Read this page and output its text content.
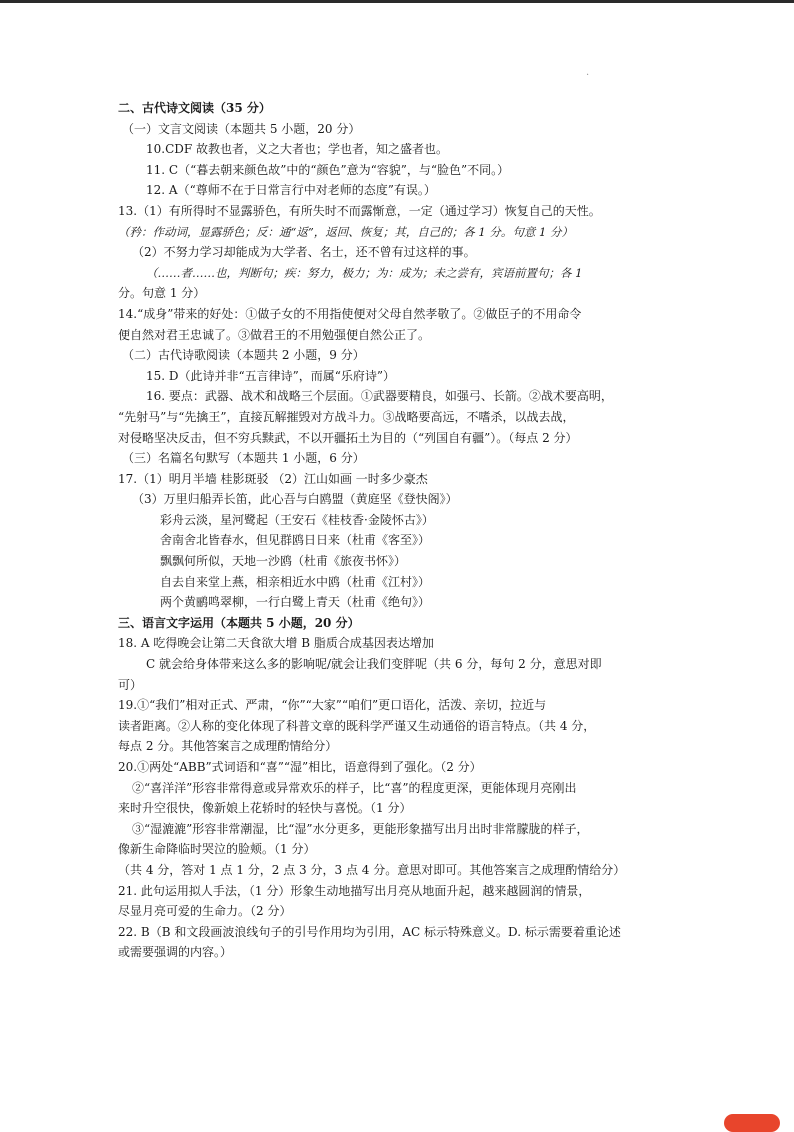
·
二、古代诗文阅读（35 分）
（一）文言文阅读（本题共 5 小题，20 分）
10.CDF 故教也者，义之大者也；学也者，知之盛者也。
11. C（“暮去朝来颜色故”中的“颜色”意为“容貌”，与“脸色”不同。）
12. A（“尊师不在于日常言行中对老师的态度”有误。）
13.（1）有所得时不显露骄色，有所失时不而露惭意，一定（通过学习）恢复自己的天性。
（矜：作动词，显露骄色；反：通“返”，返回、恢复；其，自己的；各 1 分。句意 1 分）
（2）不努力学习却能成为大学者、名士，还不曾有过这样的事。
（……者……也，判断句；疾：努力，极力；为：成为；未之尝有，宾语前置句；各 1
分。句意 1 分）
14.“成身”带来的好处：①做子女的不用指使便对父母自然孝敬了。②做臣子的不用命令
便自然对君王忠诚了。③做君王的不用勉强便自然公正了。
（二）古代诗歌阅读（本题共 2 小题，9 分）
15. D（此诗并非“五言律诗”，而属“乐府诗”）
16. 要点：武器、战术和战略三个层面。①武器要精良，如强弓、长箭。②战术要高明，
“先射马”与“先擒王”，直接瓦解摧毁对方战斗力。③战略要高远，不嗜杀，以战去战，
对侵略坚决反击，但不穷兵黩武，不以开疆拓土为目的（“列国自有疆”）。（每点 2 分）
（三）名篇名句默写（本题共 1 小题，6 分）
17.（1）明月半墙 桂影斑驳 （2）江山如画 一时多少豪杰
（3）万里归船弄长笛，此心吾与白鸥盟（黄庭坚《登快阁》）
彩舟云淡，星河鹭起（王安石《桂枝香·金陵怀古》）
舍南舍北皆春水，但见群鸥日日来（杜甫《客至》）
飘飘何所似，天地一沙鸥（杜甫《旅夜书怀》）
自去自来堂上燕，相亲相近水中鸥（杜甫《江村》）
两个黄鹂鸣翠柳，一行白鹭上青天（杜甫《绝句》）
三、语言文字运用（本题共 5 小题，20 分）
18. A 吃得晚会让第二天食欲大增 B 脂质合成基因表达增加
C 就会给身体带来这么多的影响呢/就会让我们变胖呢（共 6 分，每句 2 分，意思对即
可）
19.①“我们”相对正式、严肃，“你”“大家”“咱们”更口语化，活泼、亲切，拉近与
读者距离。②人称的变化体现了科普文章的既科学严谨又生动通俗的语言特点。（共 4 分，
每点 2 分。其他答案言之成理酌情给分）
20.①两处“ABB”式词语和“喜”“湿”相比，语意得到了强化。（2 分）
②“喜洋洋”形容非常得意或异常欢乐的样子，比“喜”的程度更深，更能体现月亮刚出
来时升空很快，像新娘上花轿时的轻快与喜悦。（1 分）
③“湿漉漉”形容非常潮湿，比“湿”水分更多，更能形象描写出月出时非常朦胧的样子，
像新生命降临时哭泣的脸颊。（1 分）
（共 4 分，答对 1 点 1 分，2 点 3 分，3 点 4 分。意思对即可。其他答案言之成理酌情给分）
21. 此句运用拟人手法，（1 分）形象生动地描写出月亮从地面升起，越来越圆润的情景，
尽显月亮可爱的生命力。（2 分）
22. B（B 和文段画波浪线句子的引号作用均为引用，AC 标示特殊意义。D. 标示需要着重论述
或需要强调的内容。）
